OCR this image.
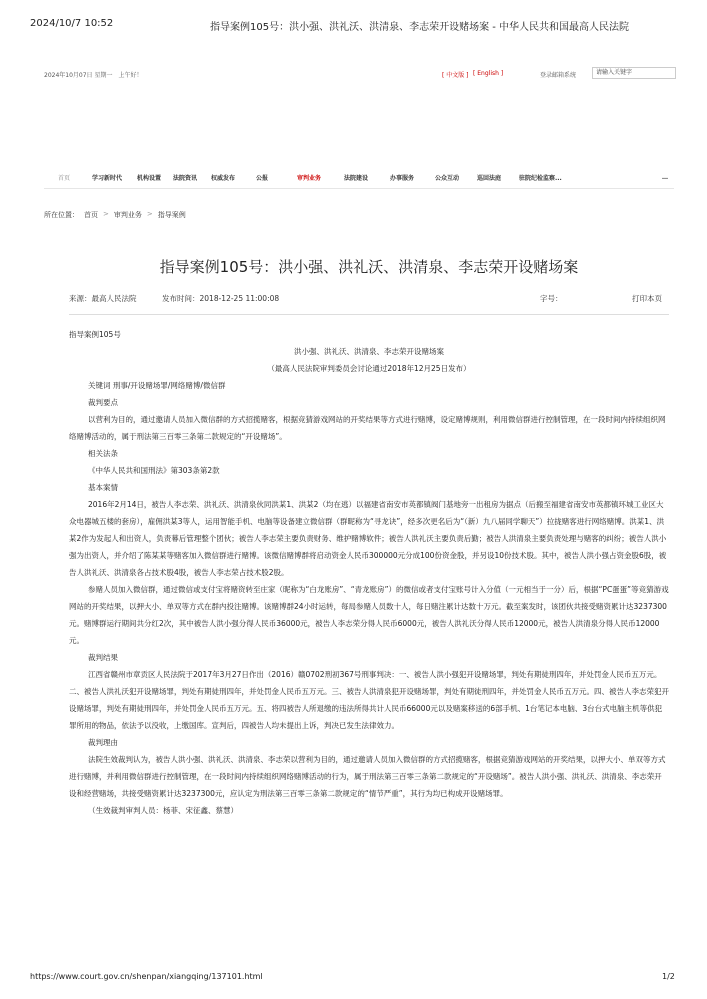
2024/10/7 10:52	指导案例105号：洪小强、洪礼沃、洪清泉、李志荣开设赌场案 - 中华人民共和国最高人民法院
2024年10月07日 星期一　上午好！	[ 中文版 ] [ English ]	登录邮箱系统	请输入关键字
首页	学习新时代 机构设置 法院资讯 权威发布	公报	审判业务	法院建设	办事服务	公众互动	巡回法庭	驻院纪检监察...	…
所在位置： 首页 > 审判业务 > 指导案例
指导案例105号：洪小强、洪礼沃、洪清泉、李志荣开设赌场案
来源：最高人民法院	发布时间：2018-12-25 11:00:08	字号：	打印本页

指导案例105号

洪小强、洪礼沃、洪清泉、李志荣开设赌场案

（最高人民法院审判委员会讨论通过2018年12月25日发布）

关键词 刑事/开设赌场罪/网络赌博/微信群

裁判要点

以营利为目的，通过邀请人员加入微信群的方式招揽赌客，根据竞猜游戏网站的开奖结果等方式进行赌博，设定赌博规则，利用微信群进行控制管理，在一段时间内持续组织网络赌博活动的，属于刑法第三百零三条第二款规定的“开设赌场”。

相关法条

《中华人民共和国刑法》第303条第2款

基本案情

2016年2月14日，被告人李志荣、洪礼沃、洪清泉伙同洪某1、洪某2（均在逃）以福建省南安市英都镇阀门基地旁一出租房为据点（后搬至福建省南安市英都镇环城工业区大众电器城五楼的套房），雇佣洪某3等人，运用智能手机、电脑等设备建立微信群（群昵称为“寻龙诀”，经多次更名后为“（新）九八届同学聊天”）拉拢赌客进行网络赌博。洪某1、洪某2作为发起人和出资人，负责幕后管理整个团伙；被告人李志荣主要负责财务、维护赌博软件；被告人洪礼沃主要负责后勤；被告人洪清泉主要负责处理与赌客的纠纷；被告人洪小强为出资人，并介绍了陈某某等赌客加入微信群进行赌博。该微信赌博群将启动资金人民币300000元分成100份资金股，并另设10份技术股。其中，被告人洪小强占资金股6股，被告人洪礼沃、洪清泉各占技术股4股，被告人李志荣占技术股2股。

参赌人员加入微信群，通过微信或支付宝将赌资转至庄家（昵称为“白龙账房”、“青龙账房”）的微信或者支付宝账号计入分值（一元相当于一分）后，根据“PC蛋蛋”等竞猜游戏网站的开奖结果，以押大小、单双等方式在群内投注赌博。该赌博群24小时运转，每局参赌人员数十人，每日赌注累计达数十万元。截至案发时，该团伙共接受赌资累计达3237300元。赌博群运行期间共分红2次，其中被告人洪小强分得人民币36000元，被告人李志荣分得人民币6000元，被告人洪礼沃分得人民币12000元，被告人洪清泉分得人民币12000元。

裁判结果

江西省赣州市章贡区人民法院于2017年3月27日作出（2016）赣0702刑初367号刑事判决：一、被告人洪小强犯开设赌场罪，判处有期徒刑四年，并处罚金人民币五万元。二、被告人洪礼沃犯开设赌场罪，判处有期徒刑四年，并处罚金人民币五万元。三、被告人洪清泉犯开设赌场罪，判处有期徒刑四年，并处罚金人民币五万元。四、被告人李志荣犯开设赌场罪，判处有期徒刑四年，并处罚金人民币五万元。五、将四被告人所退缴的违法所得共计人民币66000元以及赌案移送的6部手机、1台笔记本电脑、3台台式电脑主机等供犯罪所用的物品，依法予以没收，上缴国库。宣判后，四被告人均未提出上诉，判决已发生法律效力。

裁判理由

法院生效裁判认为，被告人洪小强、洪礼沃、洪清泉、李志荣以营利为目的，通过邀请人员加入微信群的方式招揽赌客，根据竞猜游戏网站的开奖结果，以押大小、单双等方式进行赌博，并利用微信群进行控制管理，在一段时间内持续组织网络赌博活动的行为，属于刑法第三百零三条第二款规定的“开设赌场”。被告人洪小强、洪礼沃、洪清泉、李志荣开设和经营赌场，共接受赌资累计达3237300元，应认定为刑法第三百零三条第二款规定的“情节严重”，其行为均已构成开设赌场罪。

（生效裁判审判人员：杨菲、宋征鑫、蔡慧）

https://www.court.gov.cn/shenpan/xiangqing/137101.html	1/2
